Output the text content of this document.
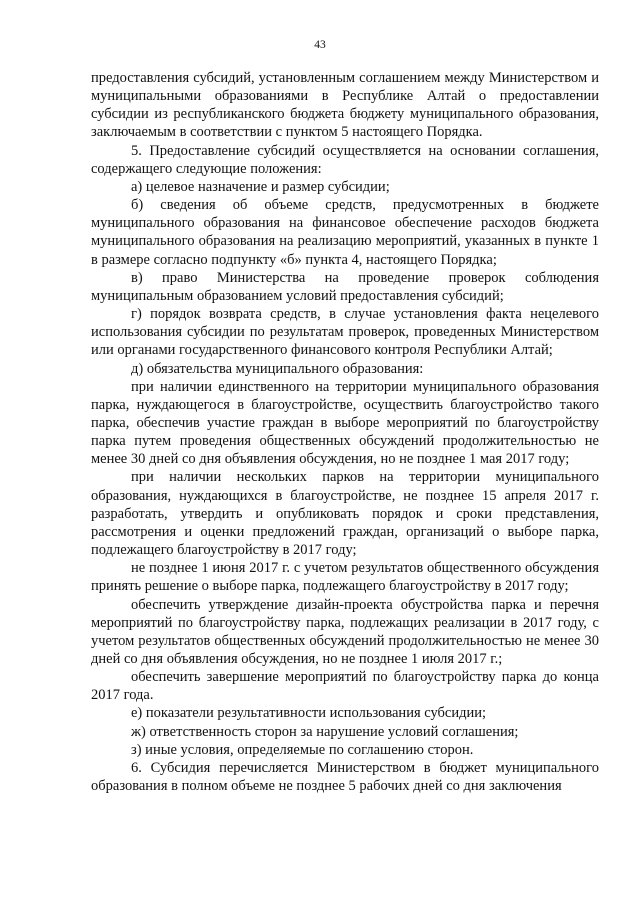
43

предоставления субсидий, установленным соглашением между Министерством и муниципальными образованиями в Республике Алтай о предоставлении субсидии из республиканского бюджета бюджету муниципального образования, заключаемым в соответствии с пунктом 5 настоящего Порядка.

5. Предоставление субсидий осуществляется на основании соглашения, содержащего следующие положения:

а) целевое назначение и размер субсидии;

б) сведения об объеме средств, предусмотренных в бюджете муниципального образования на финансовое обеспечение расходов бюджета муниципального образования на реализацию мероприятий, указанных в пункте 1 в размере согласно подпункту «б» пункта 4, настоящего Порядка;

в) право Министерства на проведение проверок соблюдения муниципальным образованием условий предоставления субсидий;

г) порядок возврата средств, в случае установления факта нецелевого использования субсидии по результатам проверок, проведенных Министерством или органами государственного финансового контроля Республики Алтай;

д) обязательства муниципального образования:

при наличии единственного на территории муниципального образования парка, нуждающегося в благоустройстве, осуществить благоустройство такого парка, обеспечив участие граждан в выборе мероприятий по благоустройству парка путем проведения общественных обсуждений продолжительностью не менее 30 дней со дня объявления обсуждения, но не позднее 1 мая 2017 году;

при наличии нескольких парков на территории муниципального образования, нуждающихся в благоустройстве, не позднее 15 апреля 2017 г. разработать, утвердить и опубликовать порядок и сроки представления, рассмотрения и оценки предложений граждан, организаций о выборе парка, подлежащего благоустройству в 2017 году;

не позднее 1 июня 2017 г. с учетом результатов общественного обсуждения принять решение о выборе парка, подлежащего благоустройству в 2017 году;

обеспечить утверждение дизайн-проекта обустройства парка и перечня мероприятий по благоустройству парка, подлежащих реализации в 2017 году, с учетом результатов общественных обсуждений продолжительностью не менее 30 дней со дня объявления обсуждения, но не позднее 1 июля 2017 г.;

обеспечить завершение мероприятий по благоустройству парка до конца 2017 года.

е) показатели результативности использования субсидии;

ж) ответственность сторон за нарушение условий соглашения;

з) иные условия, определяемые по соглашению сторон.

6. Субсидия перечисляется Министерством в бюджет муниципального образования в полном объеме не позднее 5 рабочих дней со дня заключения
